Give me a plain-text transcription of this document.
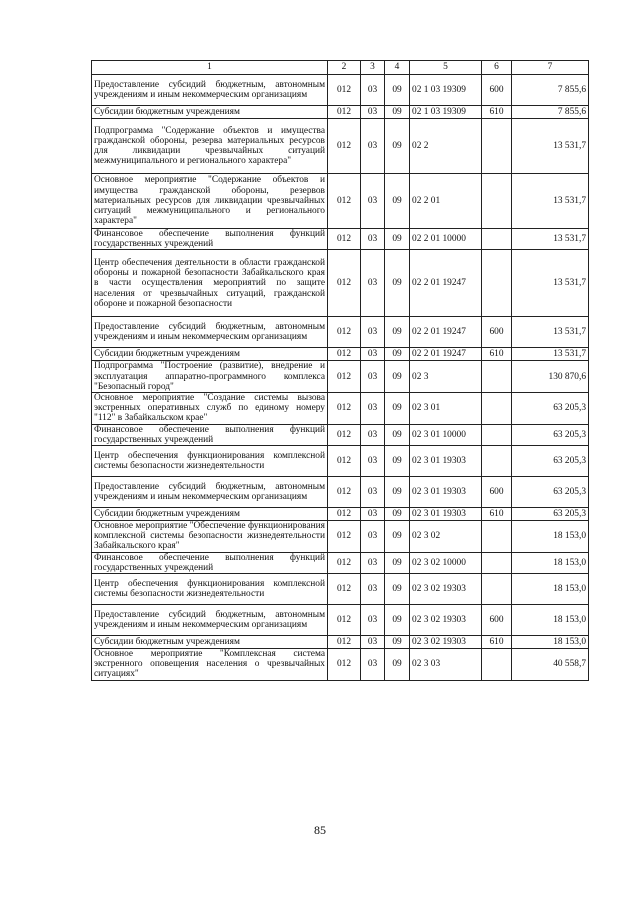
1	2	3	4	5	6	7
Предоставление субсидий бюджетным, автономным учреждениям и иным некоммерческим организациям	012	03	09	02 1 03 19309	600	7 855,6
Субсидии бюджетным учреждениям	012	03	09	02 1 03 19309	610	7 855,6
Подпрограмма "Содержание объектов и имущества гражданской обороны, резерва материальных ресурсов для ликвидации чрезвычайных ситуаций межмуниципального и регионального характера"	012	03	09	02 2		13 531,7
Основное мероприятие "Содержание объектов и имущества гражданской обороны, резервов материальных ресурсов для ликвидации чрезвычайных ситуаций межмуниципального и регионального характера"	012	03	09	02 2 01		13 531,7
Финансовое обеспечение выполнения функций государственных учреждений	012	03	09	02 2 01 10000		13 531,7
Центр обеспечения деятельности в области гражданской обороны и пожарной безопасности Забайкальского края в части осуществления мероприятий по защите населения от чрезвычайных ситуаций, гражданской обороне и пожарной безопасности	012	03	09	02 2 01 19247		13 531,7
Предоставление субсидий бюджетным, автономным учреждениям и иным некоммерческим организациям	012	03	09	02 2 01 19247	600	13 531,7
Субсидии бюджетным учреждениям	012	03	09	02 2 01 19247	610	13 531,7
Подпрограмма "Построение (развитие), внедрение и эксплуатация аппаратно-программного комплекса "Безопасный город"	012	03	09	02 3		130 870,6
Основное мероприятие "Создание системы вызова экстренных оперативных служб по единому номеру "112" в Забайкальском крае"	012	03	09	02 3 01		63 205,3
Финансовое обеспечение выполнения функций государственных учреждений	012	03	09	02 3 01 10000		63 205,3
Центр обеспечения функционирования комплексной системы безопасности жизнедеятельности	012	03	09	02 3 01 19303		63 205,3
Предоставление субсидий бюджетным, автономным учреждениям и иным некоммерческим организациям	012	03	09	02 3 01 19303	600	63 205,3
Субсидии бюджетным учреждениям	012	03	09	02 3 01 19303	610	63 205,3
Основное мероприятие "Обеспечение функционирования комплексной системы безопасности жизнедеятельности Забайкальского края"	012	03	09	02 3 02		18 153,0
Финансовое обеспечение выполнения функций государственных учреждений	012	03	09	02 3 02 10000		18 153,0
Центр обеспечения функционирования комплексной системы безопасности жизнедеятельности	012	03	09	02 3 02 19303		18 153,0
Предоставление субсидий бюджетным, автономным учреждениям и иным некоммерческим организациям	012	03	09	02 3 02 19303	600	18 153,0
Субсидии бюджетным учреждениям	012	03	09	02 3 02 19303	610	18 153,0
Основное мероприятие "Комплексная система экстренного оповещения населения о чрезвычайных ситуациях"	012	03	09	02 3 03		40 558,7
85
